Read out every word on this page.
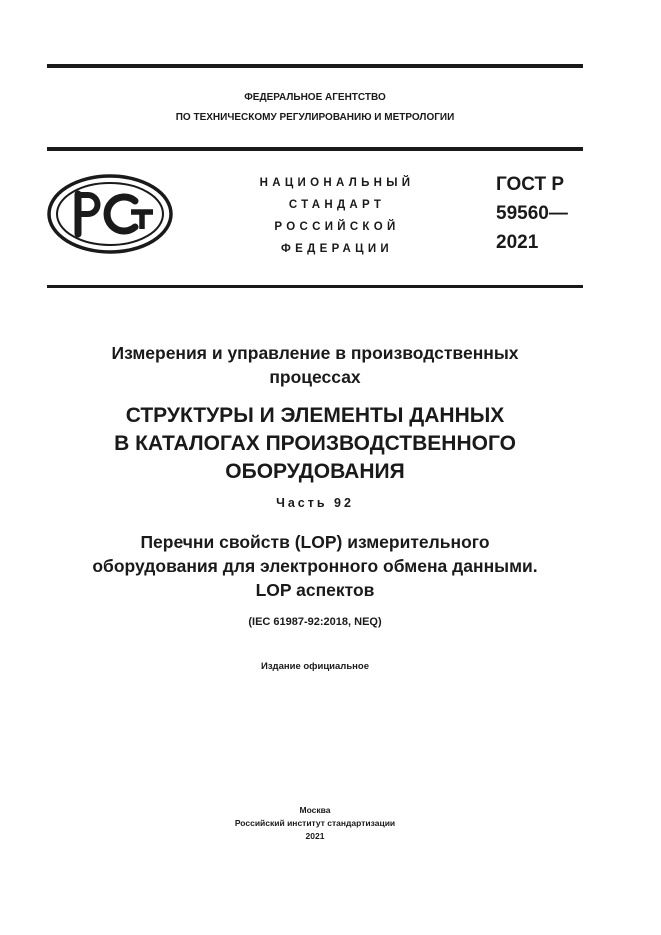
ФЕДЕРАЛЬНОЕ АГЕНТСТВО
ПО ТЕХНИЧЕСКОМУ РЕГУЛИРОВАНИЮ И МЕТРОЛОГИИ
НАЦИОНАЛЬНЫЙ
СТАНДАРТ
РОССИЙСКОЙ
ФЕДЕРАЦИИ
ГОСТ Р
59560—
2021
Измерения и управление в производственных
процессах
СТРУКТУРЫ И ЭЛЕМЕНТЫ ДАННЫХ
В КАТАЛОГАХ ПРОИЗВОДСТВЕННОГО
ОБОРУДОВАНИЯ
Часть 92
Перечни свойств (LOP) измерительного
оборудования для электронного обмена данными.
LOP аспектов
(IEC 61987-92:2018, NEQ)
Издание официальное
Москва
Российский институт стандартизации
2021
